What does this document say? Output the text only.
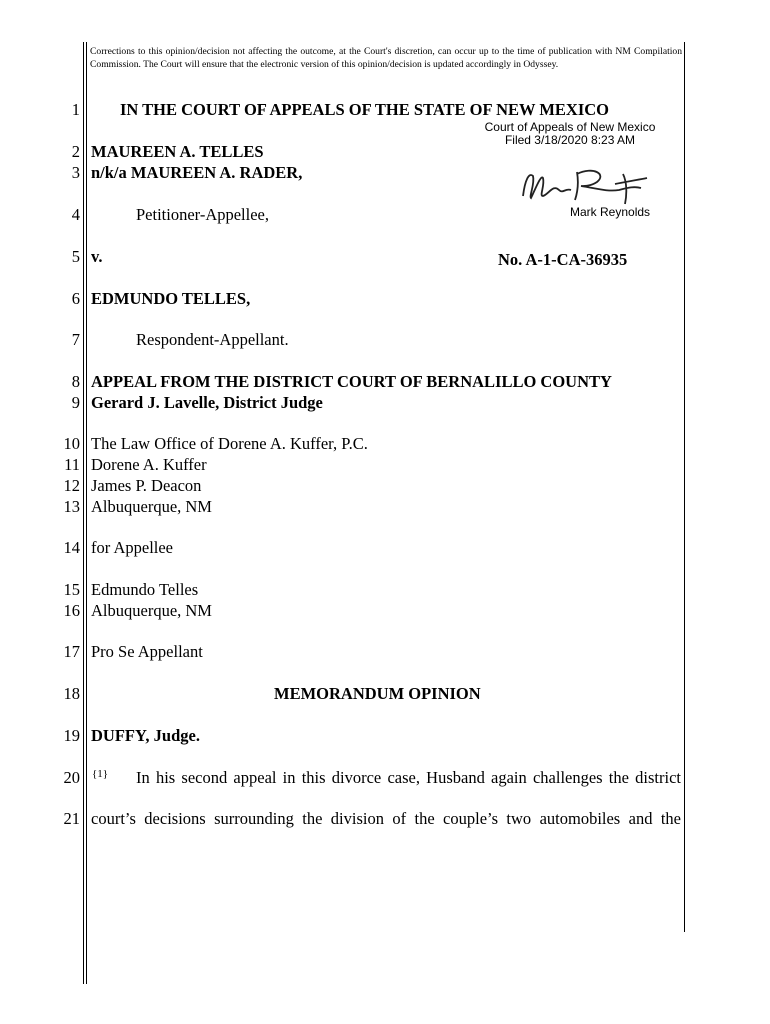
Corrections to this opinion/decision not affecting the outcome, at the Court's discretion, can occur up to the time of publication with NM Compilation Commission. The Court will ensure that the electronic version of this opinion/decision is updated accordingly in Odyssey.
1
2
3
4
5
6
7
8
9
10
11
12
13
14
15
16
17
18
19
20
21
IN THE COURT OF APPEALS OF THE STATE OF NEW MEXICO
Court of Appeals of New Mexico
Filed 3/18/2020 8:23 AM
Mark Reynolds
MAUREEN A. TELLES
n/k/a MAUREEN A. RADER,
Petitioner-Appellee,
v.	No. A-1-CA-36935
EDMUNDO TELLES,
Respondent-Appellant.
APPEAL FROM THE DISTRICT COURT OF BERNALILLO COUNTY
Gerard J. Lavelle, District Judge
The Law Office of Dorene A. Kuffer, P.C.
Dorene A. Kuffer
James P. Deacon
Albuquerque, NM
for Appellee
Edmundo Telles
Albuquerque, NM
Pro Se Appellant
MEMORANDUM OPINION
DUFFY, Judge.
{1} In his second appeal in this divorce case, Husband again challenges the district
court’s decisions surrounding the division of the couple’s two automobiles and the
